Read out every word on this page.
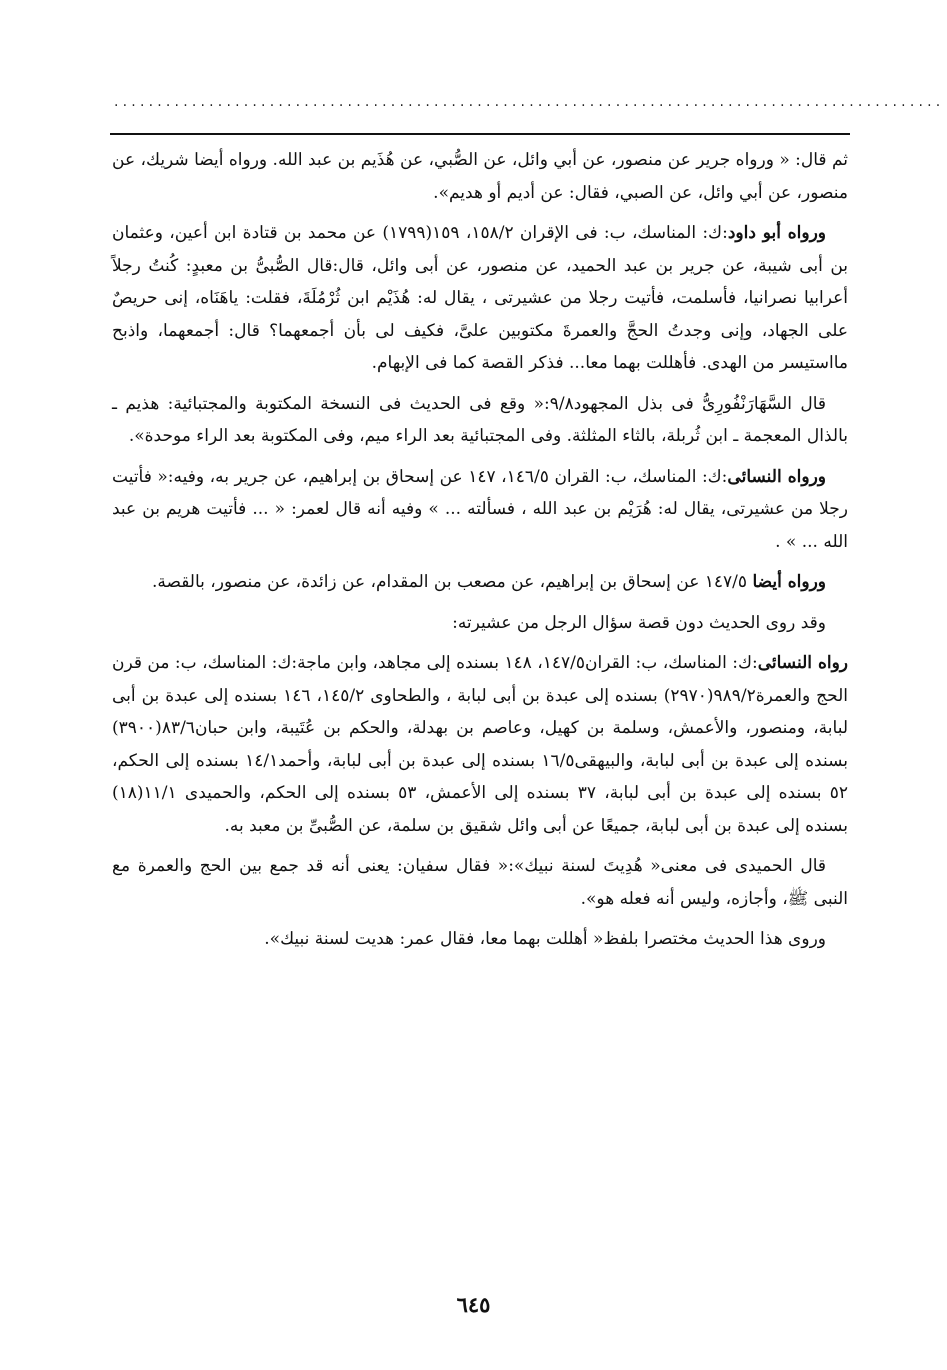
................................................................................................

ثم قال: « ورواه جرير عن منصور، عن أبي وائل، عن الصُّبي، عن هُذَيم بن عبد الله. ورواه أيضا شريك، عن منصور، عن أبي وائل، عن الصبي، فقال: عن أديم أو هديم».

ورواه أبو داود:ك: المناسك، ب: فى الإقران ١٥٨/٢، ١٥٩(١٧٩٩) عن محمد بن قتادة ابن أعين، وعثمان بن أبى شيبة، عن جرير بن عبد الحميد، عن منصور، عن أبى وائل، قال:قال الصُّبىُّ بن معبدٍ: كُنتُ رجلاً أعرابيا نصرانيا، فأسلمت، فأتيت رجلا من عشيرتى ، يقال له: هُذَيْم ابن ثُرْمُلَةَ، فقلت: ياهَنَاه، إنى حريصٌ على الجهاد، وإنى وجدتُ الحجَّ والعمرةَ مكتوبين علىَّ، فكيف لى بأن أجمعهما؟ قال: أجمعهما، واذبح مااستيسر من الهدى. فأهللت بهما معا... فذكر القصة كما فى الإبهام.

قال السَّهَارَنْفُورِىُّ فى بذل المجهود٩/٨:« وقع فى الحديث فى النسخة المكتوبة والمجتبائية: هذيم ـ بالذال المعجمة ـ ابن ثُربلة، بالثاء المثلثة. وفى المجتبائية بعد الراء ميم، وفى المكتوبة بعد الراء موحدة».

ورواه النسائى:ك: المناسك، ب: القران ١٤٦/٥، ١٤٧ عن إسحاق بن إبراهيم، عن جرير به، وفيه:« فأتيت رجلا من عشيرتى، يقال له: هُرَيْم بن عبد الله ، فسألته ... » وفيه أنه قال لعمر: « ... فأتيت هريم بن عبد الله ... » .

ورواه أيضا ١٤٧/٥ عن إسحاق بن إبراهيم، عن مصعب بن المقدام، عن زائدة، عن منصور، بالقصة.

وقد روى الحديث دون قصة سؤال الرجل من عشيرته:

رواه النسائى:ك: المناسك، ب: القران١٤٧/٥، ١٤٨ بسنده إلى مجاهد، وابن ماجة:ك: المناسك، ب: من قرن الحج والعمرة٩٨٩/٢(٢٩٧٠) بسنده إلى عبدة بن أبى لبابة ، والطحاوى ١٤٥/٢، ١٤٦ بسنده إلى عبدة بن أبى لبابة، ومنصور، والأعمش، وسلمة بن كهيل، وعاصم بن بهدلة، والحكم بن عُتَيبة، وابن حبان٨٣/٦(٣٩٠٠) بسنده إلى عبدة بن أبى لبابة، والبيهقى١٦/٥ بسنده إلى عبدة بن أبى لبابة، وأحمد١٤/١ بسنده إلى الحكم، ٥٢ بسنده إلى عبدة بن أبى لبابة، ٣٧ بسنده إلى الأعمش، ٥٣ بسنده إلى الحكم، والحميدى ١١/١(١٨) بسنده إلى عبدة بن أبى لبابة، جميعًا عن أبى وائل شقيق بن سلمة، عن الصُّبىِّ بن معبد به.

قال الحميدى فى معنى« هُدِيتَ لسنة نبيك»:« فقال سفيان: يعنى أنه قد جمع بين الحج والعمرة مع النبى ﷺ، وأجازه، وليس أنه فعله هو».

وروى هذا الحديث مختصرا بلفظ« أهللت بهما معا، فقال عمر: هديت لسنة نبيك».

٦٤٥
